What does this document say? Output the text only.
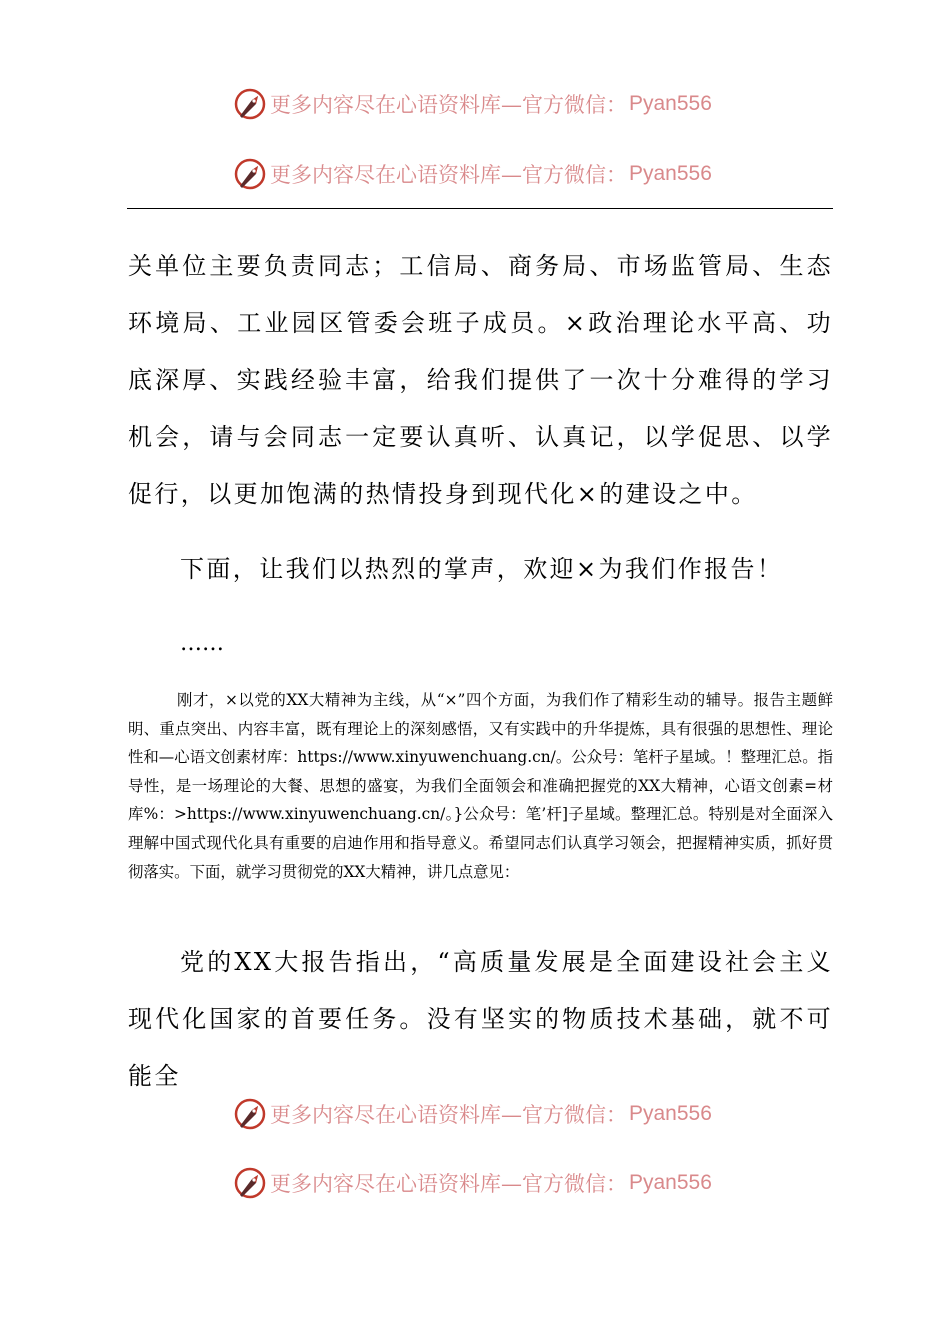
更多内容尽在心语资料库—官方微信： Pyan556
更多内容尽在心语资料库—官方微信： Pyan556
关单位主要负责同志；工信局、商务局、市场监管局、生态环境局、工业园区管委会班子成员。×政治理论水平高、功底深厚、实践经验丰富，给我们提供了一次十分难得的学习机会，请与会同志一定要认真听、认真记，以学促思、以学促行，以更加饱满的热情投身到现代化×的建设之中。
下面，让我们以热烈的掌声，欢迎×为我们作报告！
……
刚才，×以党的XX大精神为主线，从“×”四个方面，为我们作了精彩生动的辅导。报告主题鲜明、重点突出、内容丰富，既有理论上的深刻感悟，又有实践中的升华提炼，具有很强的思想性、理论性和—心语文创素材库：https://www.xinyuwenchuang.cn/。公众号：笔杆子星域。！整理汇总。指导性，是一场理论的大餐、思想的盛宴，为我们全面领会和准确把握党的XX大精神，心语文创素=材库%：>https://www.xinyuwenchuang.cn/。}公众号：笔’杆]子星域。整理汇总。特别是对全面深入理解中国式现代化具有重要的启迪作用和指导意义。希望同志们认真学习领会，把握精神实质，抓好贯彻落实。下面，就学习贯彻党的XX大精神，讲几点意见：
党的XX大报告指出，“高质量发展是全面建设社会主义现代化国家的首要任务。没有坚实的物质技术基础，就不可能全
更多内容尽在心语资料库—官方微信： Pyan556
更多内容尽在心语资料库—官方微信： Pyan556
